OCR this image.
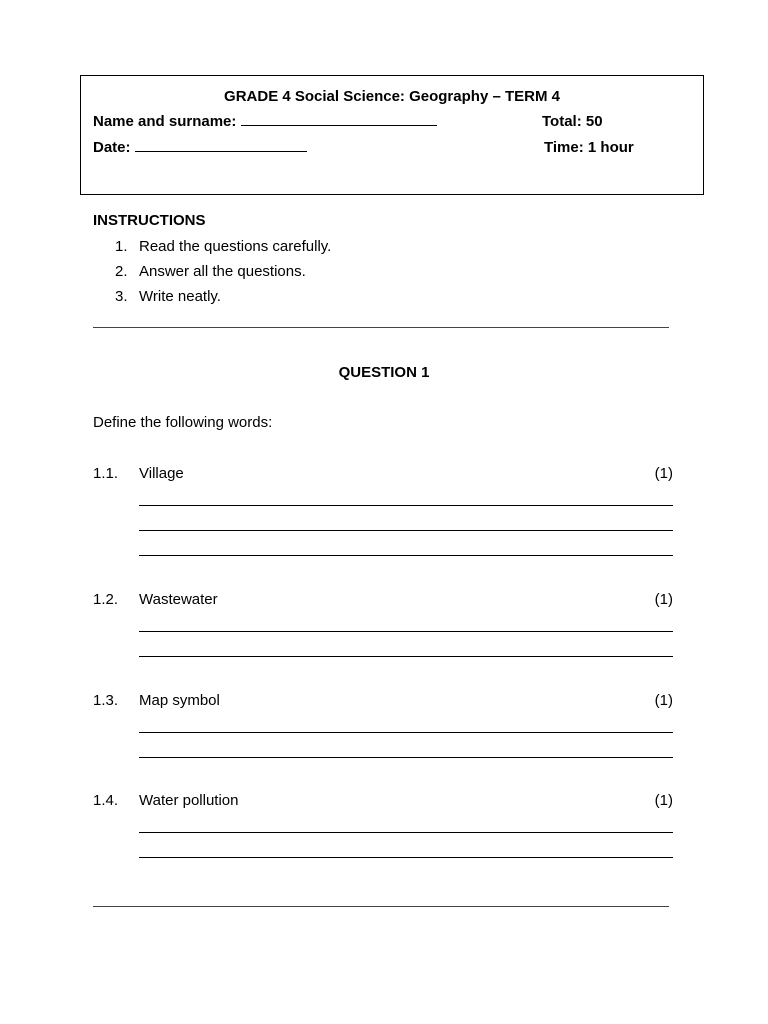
GRADE 4 Social Science: Geography – TERM 4
Name and surname:	Total: 50
Date:	Time: 1 hour
INSTRUCTIONS
1. Read the questions carefully.
2. Answer all the questions.
3. Write neatly.
QUESTION 1
Define the following words:
1.1. Village	(1)
1.2. Wastewater	(1)
1.3. Map symbol	(1)
1.4. Water pollution	(1)
